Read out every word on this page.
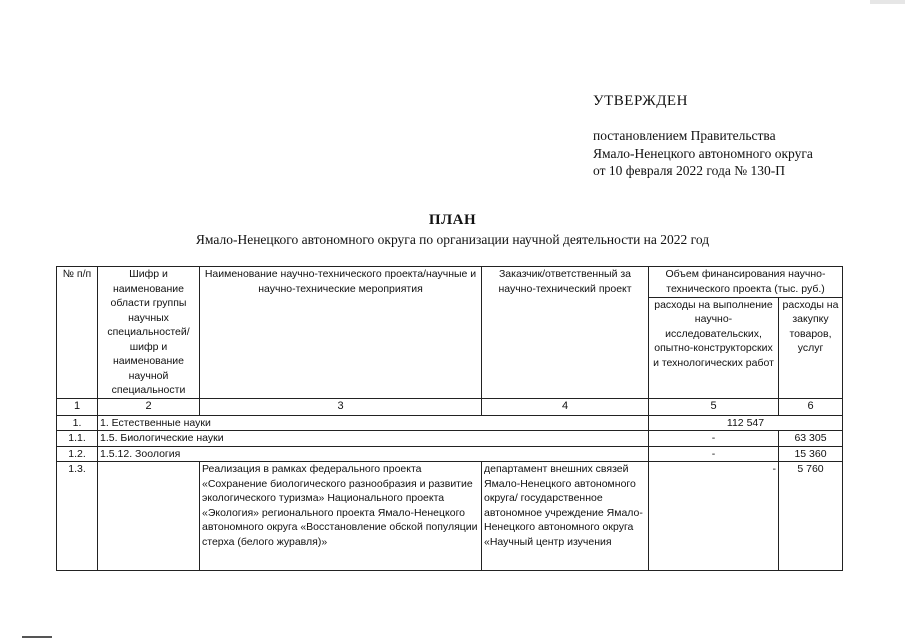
УТВЕРЖДЕН
постановлением Правительства
Ямало-Ненецкого автономного округа
от 10 февраля 2022 года № 130-П
ПЛАН
Ямало-Ненецкого автономного округа по организации научной деятельности на 2022 год
№ п/п	Шифр и наименование области группы научных специальностей/ шифр и наименование научной специальности	Наименование научно-технического проекта/научные и научно-технические мероприятия	Заказчик/ответственный за научно-технический проект	Объем финансирования научно-технического проекта (тыс. руб.)	
				расходы на выполнение научно-исследовательских, опытно-конструкторских и технологических работ	расходы на закупку товаров, услуг
1	2	3	4	5	6
1.	1. Естественные науки			112 547	
1.1.	1.5. Биологические науки			-	63 305
1.2.	1.5.12. Зоология			-	15 360
1.3.		Реализация в рамках федерального проекта «Сохранение биологического разнообразия и развитие экологического туризма» Национального проекта «Экология» регионального проекта Ямало-Ненецкого автономного округа «Восстановление обской популяции стерха (белого журавля)»	департамент внешних связей Ямало-Ненецкого автономного округа/ государственное автономное учреждение Ямало-Ненецкого автономного округа «Научный центр изучения	-	5 760
